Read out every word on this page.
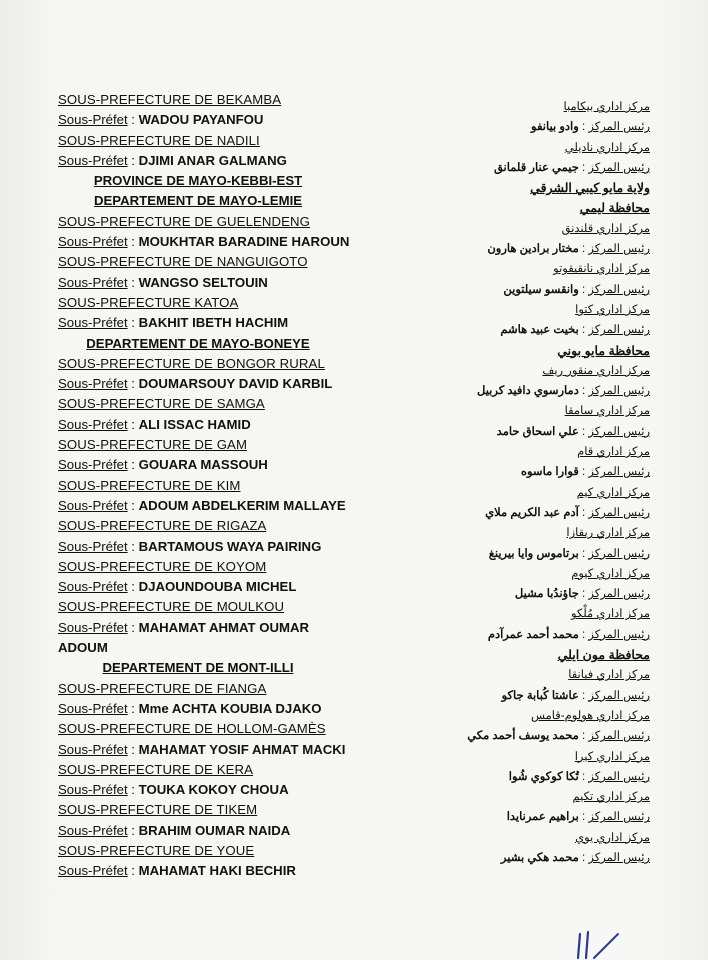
SOUS-PREFECTURE DE BEKAMBA
Sous-Préfet : WADOU PAYANFOU
SOUS-PREFECTURE DE NADILI
Sous-Préfet : DJIMI ANAR GALMANG
PROVINCE DE MAYO-KEBBI-EST
DEPARTEMENT DE MAYO-LEMIE
SOUS-PREFECTURE DE GUELENDENG
Sous-Préfet : MOUKHTAR BARADINE HAROUN
SOUS-PREFECTURE DE NANGUIGOTO
Sous-Préfet : WANGSO SELTOUIN
SOUS-PREFECTURE KATOA
Sous-Préfet : BAKHIT IBETH HACHIM
DEPARTEMENT DE MAYO-BONEYE
SOUS-PREFECTURE DE BONGOR RURAL
Sous-Préfet : DOUMARSOUY DAVID KARBIL
SOUS-PREFECTURE DE SAMGA
Sous-Préfet : ALI ISSAC HAMID
SOUS-PREFECTURE DE GAM
Sous-Préfet : GOUARA MASSOUH
SOUS-PREFECTURE DE KIM
Sous-Préfet : ADOUM ABDELKERIM MALLAYE
SOUS-PREFECTURE DE RIGAZA
Sous-Préfet : BARTAMOUS WAYA PAIRING
SOUS-PREFECTURE DE KOYOM
Sous-Préfet : DJAOUNDOUBA MICHEL
SOUS-PREFECTURE DE MOULKOU
Sous-Préfet : MAHAMAT AHMAT OUMAR
ADOUM
DEPARTEMENT DE MONT-ILLI
SOUS-PREFECTURE DE FIANGA
Sous-Préfet : Mme ACHTA KOUBIA DJAKO
SOUS-PREFECTURE DE HOLLOM-GAMÈS
Sous-Préfet : MAHAMAT YOSIF AHMAT MACKI
SOUS-PREFECTURE DE KERA
Sous-Préfet : TOUKA KOKOY CHOUA
SOUS-PREFECTURE DE TIKEM
Sous-Préfet : BRAHIM OUMAR NAIDA
SOUS-PREFECTURE DE YOUE
Sous-Préfet : MAHAMAT HAKI BECHIR
مركز اداري بيكامبا
رئيس المركز : وادو بيانفو
مركز اداري ناديلي
رئيس المركز : جيمي عنار قلمانق
ولاية مايو كيبي الشرقي
محافظة ليمي
مركز اداري قلندنق
رئيس المركز : مختار برادين هارون
مركز اداري نانقيقوتو
رئيس المركز : وانقسو سيلتوين
مركز اداري كتوا
رئيس المركز : بخيت عبيد هاشم
محافظة مايو بوني
مركز اداري منقور ريف
رئيس المركز : دمارسوي دافيد كربيل
مركز اداري سامقا
رئيس المركز : علي اسحاق حامد
مركز اداري قام
رئيس المركز : قوارا ماسوه
مركز اداري كيم
رئيس المركز : آدم عبد الكريم ملاي
مركز اداري ريقازا
رئيس المركز : برتاموس وايا بيرينغ
مركز اداري كيوم
رئيس المركز : جاؤندُبا مشيل
مركز اداري مُلْكو
رئيس المركز : محمد أحمد عمرآدم
محافظة مون ايلي
مركز اداري فيانقا
رئيس المركز : عاشتا كُبابة جاكو
مركز اداري هولوم-قامس
رئيس المركز : محمد يوسف أحمد مكي
مركز اداري كيرا
رئيس المركز : تُكا كوكوي شُوا
مركز اداري تكيم
رئيس المركز : براهيم عمرنايدا
مركز اداري يوي
رئيس المركز : محمد هكي بشير
